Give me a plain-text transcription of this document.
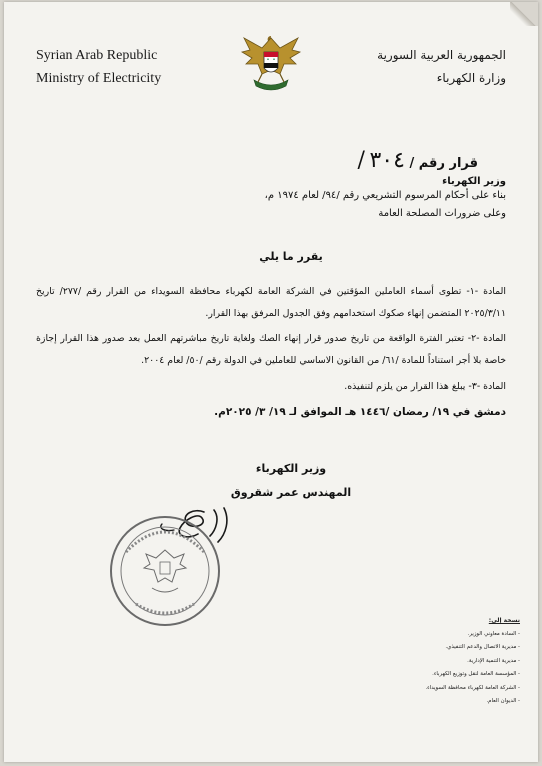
Syrian Arab Republic
Ministry of Electricity
الجمهورية العربية السورية
وزارة الكهرباء
قرار رقم / ٣٠٤ /
وزير الكهرباء
بناء على أحكام المرسوم التشريعي رقم /٩٤/ لعام ١٩٧٤ م،
وعلى ضرورات المصلحة العامة
يقرر ما يلي
المادة -١- تطوى أسماء العاملين المؤقتين في الشركة العامة لكهرباء محافظة السويداء من القرار رقم /٢٧٧/ تاريخ ٢٠٢٥/٣/١١ المتضمن إنهاء صكوك استخدامهم وفق الجدول المرفق بهذا القرار.
المادة -٢- تعتبر الفترة الواقعة من تاريخ صدور قرار إنهاء الصك ولغاية تاريخ مباشرتهم العمل بعد صدور هذا القرار إجازة خاصة بلا أجر استناداً للمادة /٦١/ من القانون الاساسي للعاملين في الدولة رقم /٥٠/ لعام ٢٠٠٤.
المادة -٣- يبلغ هذا القرار من يلزم لتنفيذه.
دمشق في ١٩/ رمضان /١٤٤٦ هـ الموافق لـ ١٩/ ٣/ ٢٠٢٥م.
وزير الكهرباء
المهندس عمر شقروق
نسخة إلى:
- السادة معاوني الوزير.
- مديرية الاتصال والدعم التنفيذي.
- مديرية التنمية الإدارية.
- المؤسسة العامة لنقل وتوزيع الكهرباء.
- الشركة العامة لكهرباء محافظة السويداء.
- الديوان العام.
